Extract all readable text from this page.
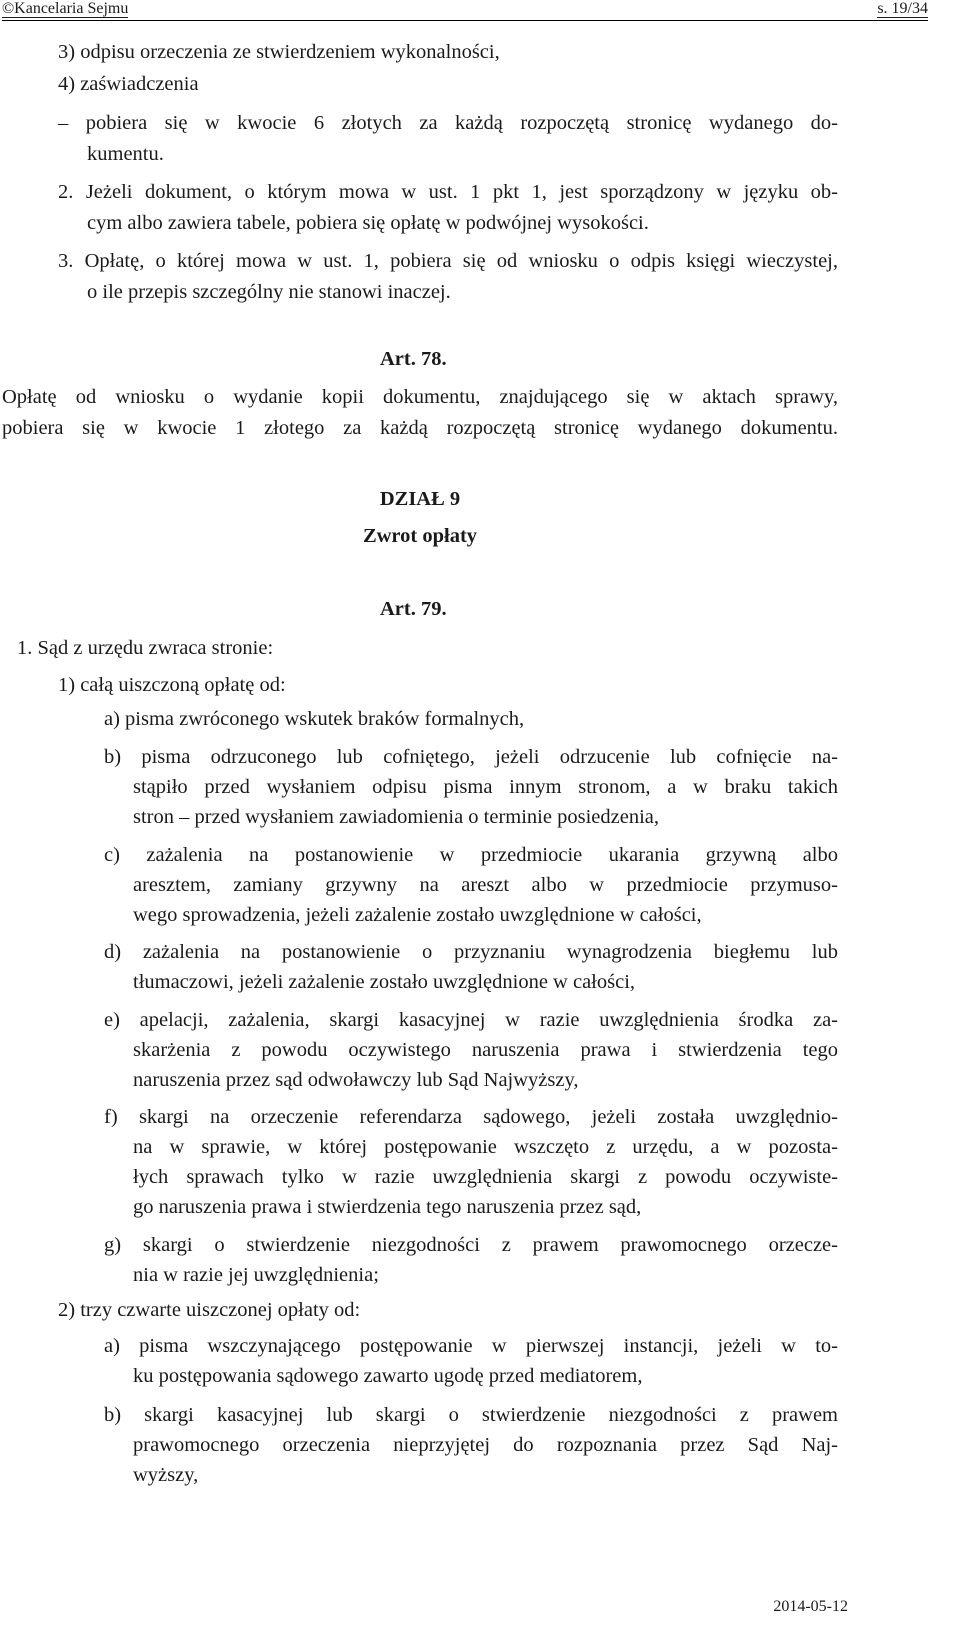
©Kancelaria Sejmu	s. 19/34
3) odpisu orzeczenia ze stwierdzeniem wykonalności,
4) zaświadczenia
– pobiera się w kwocie 6 złotych za każdą rozpoczętą stronicę wydanego do-
kumentu.
2. Jeżeli dokument, o którym mowa w ust. 1 pkt 1, jest sporządzony w języku ob-
cym albo zawiera tabele, pobiera się opłatę w podwójnej wysokości.
3. Opłatę, o której mowa w ust. 1, pobiera się od wniosku o odpis księgi wieczystej,
o ile przepis szczególny nie stanowi inaczej.
Art. 78.
Opłatę od wniosku o wydanie kopii dokumentu, znajdującego się w aktach sprawy,
pobiera się w kwocie 1 złotego za każdą rozpoczętą stronicę wydanego dokumentu.
DZIAŁ 9
Zwrot opłaty
Art. 79.
1. Sąd z urzędu zwraca stronie:
1) całą uiszczoną opłatę od:
a) pisma zwróconego wskutek braków formalnych,
b) pisma odrzuconego lub cofniętego, jeżeli odrzucenie lub cofnięcie na-
stąpiło przed wysłaniem odpisu pisma innym stronom, a w braku takich
stron – przed wysłaniem zawiadomienia o terminie posiedzenia,
c) zażalenia na postanowienie w przedmiocie ukarania grzywną albo
aresztem, zamiany grzywny na areszt albo w przedmiocie przymuso-
wego sprowadzenia, jeżeli zażalenie zostało uwzględnione w całości,
d) zażalenia na postanowienie o przyznaniu wynagrodzenia biegłemu lub
tłumaczowi, jeżeli zażalenie zostało uwzględnione w całości,
e) apelacji, zażalenia, skargi kasacyjnej w razie uwzględnienia środka za-
skarżenia z powodu oczywistego naruszenia prawa i stwierdzenia tego
naruszenia przez sąd odwoławczy lub Sąd Najwyższy,
f) skargi na orzeczenie referendarza sądowego, jeżeli została uwzględnio-
na w sprawie, w której postępowanie wszczęto z urzędu, a w pozosta-
łych sprawach tylko w razie uwzględnienia skargi z powodu oczywiste-
go naruszenia prawa i stwierdzenia tego naruszenia przez sąd,
g) skargi o stwierdzenie niezgodności z prawem prawomocnego orzecze-
nia w razie jej uwzględnienia;
2) trzy czwarte uiszczonej opłaty od:
a) pisma wszczynającego postępowanie w pierwszej instancji, jeżeli w to-
ku postępowania sądowego zawarto ugodę przed mediatorem,
b) skargi kasacyjnej lub skargi o stwierdzenie niezgodności z prawem
prawomocnego orzeczenia nieprzyjętej do rozpoznania przez Sąd Naj-
wyższy,
2014-05-12
